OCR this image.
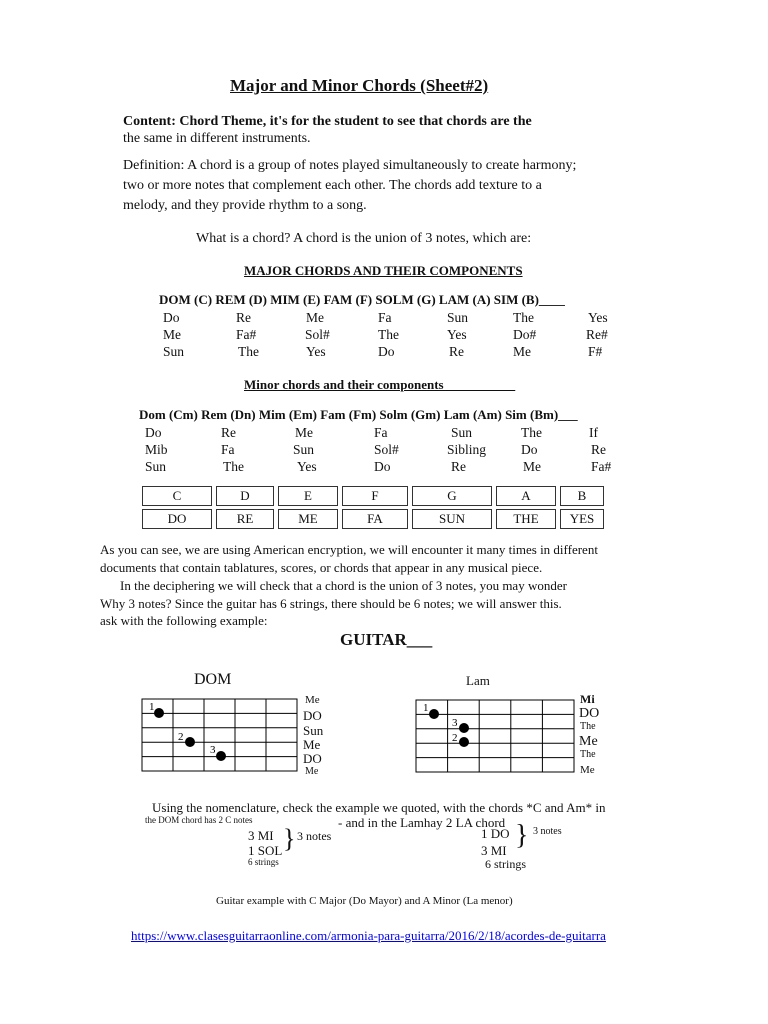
Major and Minor Chords (Sheet#2)
Content: Chord Theme, it's for the student to see that chords are the
the same in different instruments.
Definition: A chord is a group of notes played simultaneously to create harmony;
two or more notes that complement each other. The chords add texture to a
melody, and they provide rhythm to a song.
What is a chord? A chord is the union of 3 notes, which are:
MAJOR CHORDS AND THEIR COMPONENTS
DOM (C) REM (D) MIM (E) FAM (F) SOLM (G) LAM (A) SIM (B)____
Do	Re	Me	Fa	Sun	The	Yes
Me	Fa#	Sol#	The	Yes	Do#	Re#
Sun	The	Yes	Do	Re	Me	F#
Minor chords and their components___________
Dom (Cm) Rem (Dn) Mim (Em) Fam (Fm) Solm (Gm) Lam (Am) Sim (Bm)___
Do	Re	Me	Fa	Sun	The	If
Mib	Fa	Sun	Sol#	Sibling	Do	Re
Sun	The	Yes	Do	Re	Me	Fa#
C	D	E	F	G	A	B
DO	RE	ME	FA	SUN	THE	YES
As you can see, we are using American encryption, we will encounter it many times in different
documents that contain tablatures, scores, or chords that appear in any musical piece.
In the deciphering we will check that a chord is the union of 3 notes, you may wonder
Why 3 notes? Since the guitar has 6 strings, there should be 6 notes; we will answer this.
ask with the following example:
GUITAR___
DOM
1
2
3
Me
DO
Sun
Me
DO
Me
Lam
1
3
2
Mi
DO
The
Me
The
Me
Using the nomenclature, check the example we quoted, with the chords *C and Am* in
the DOM chord has 2 C notes	- and in the Lamhay 2 LA chord
3 MI
1 SOL
6 strings
} 3 notes	1 DO
3 MI
6 strings
} 3 notes
Guitar example with C Major (Do Mayor) and A Minor (La menor)
https://www.clasesguitarraonline.com/armonia-para-guitarra/2016/2/18/acordes-de-guitarra
